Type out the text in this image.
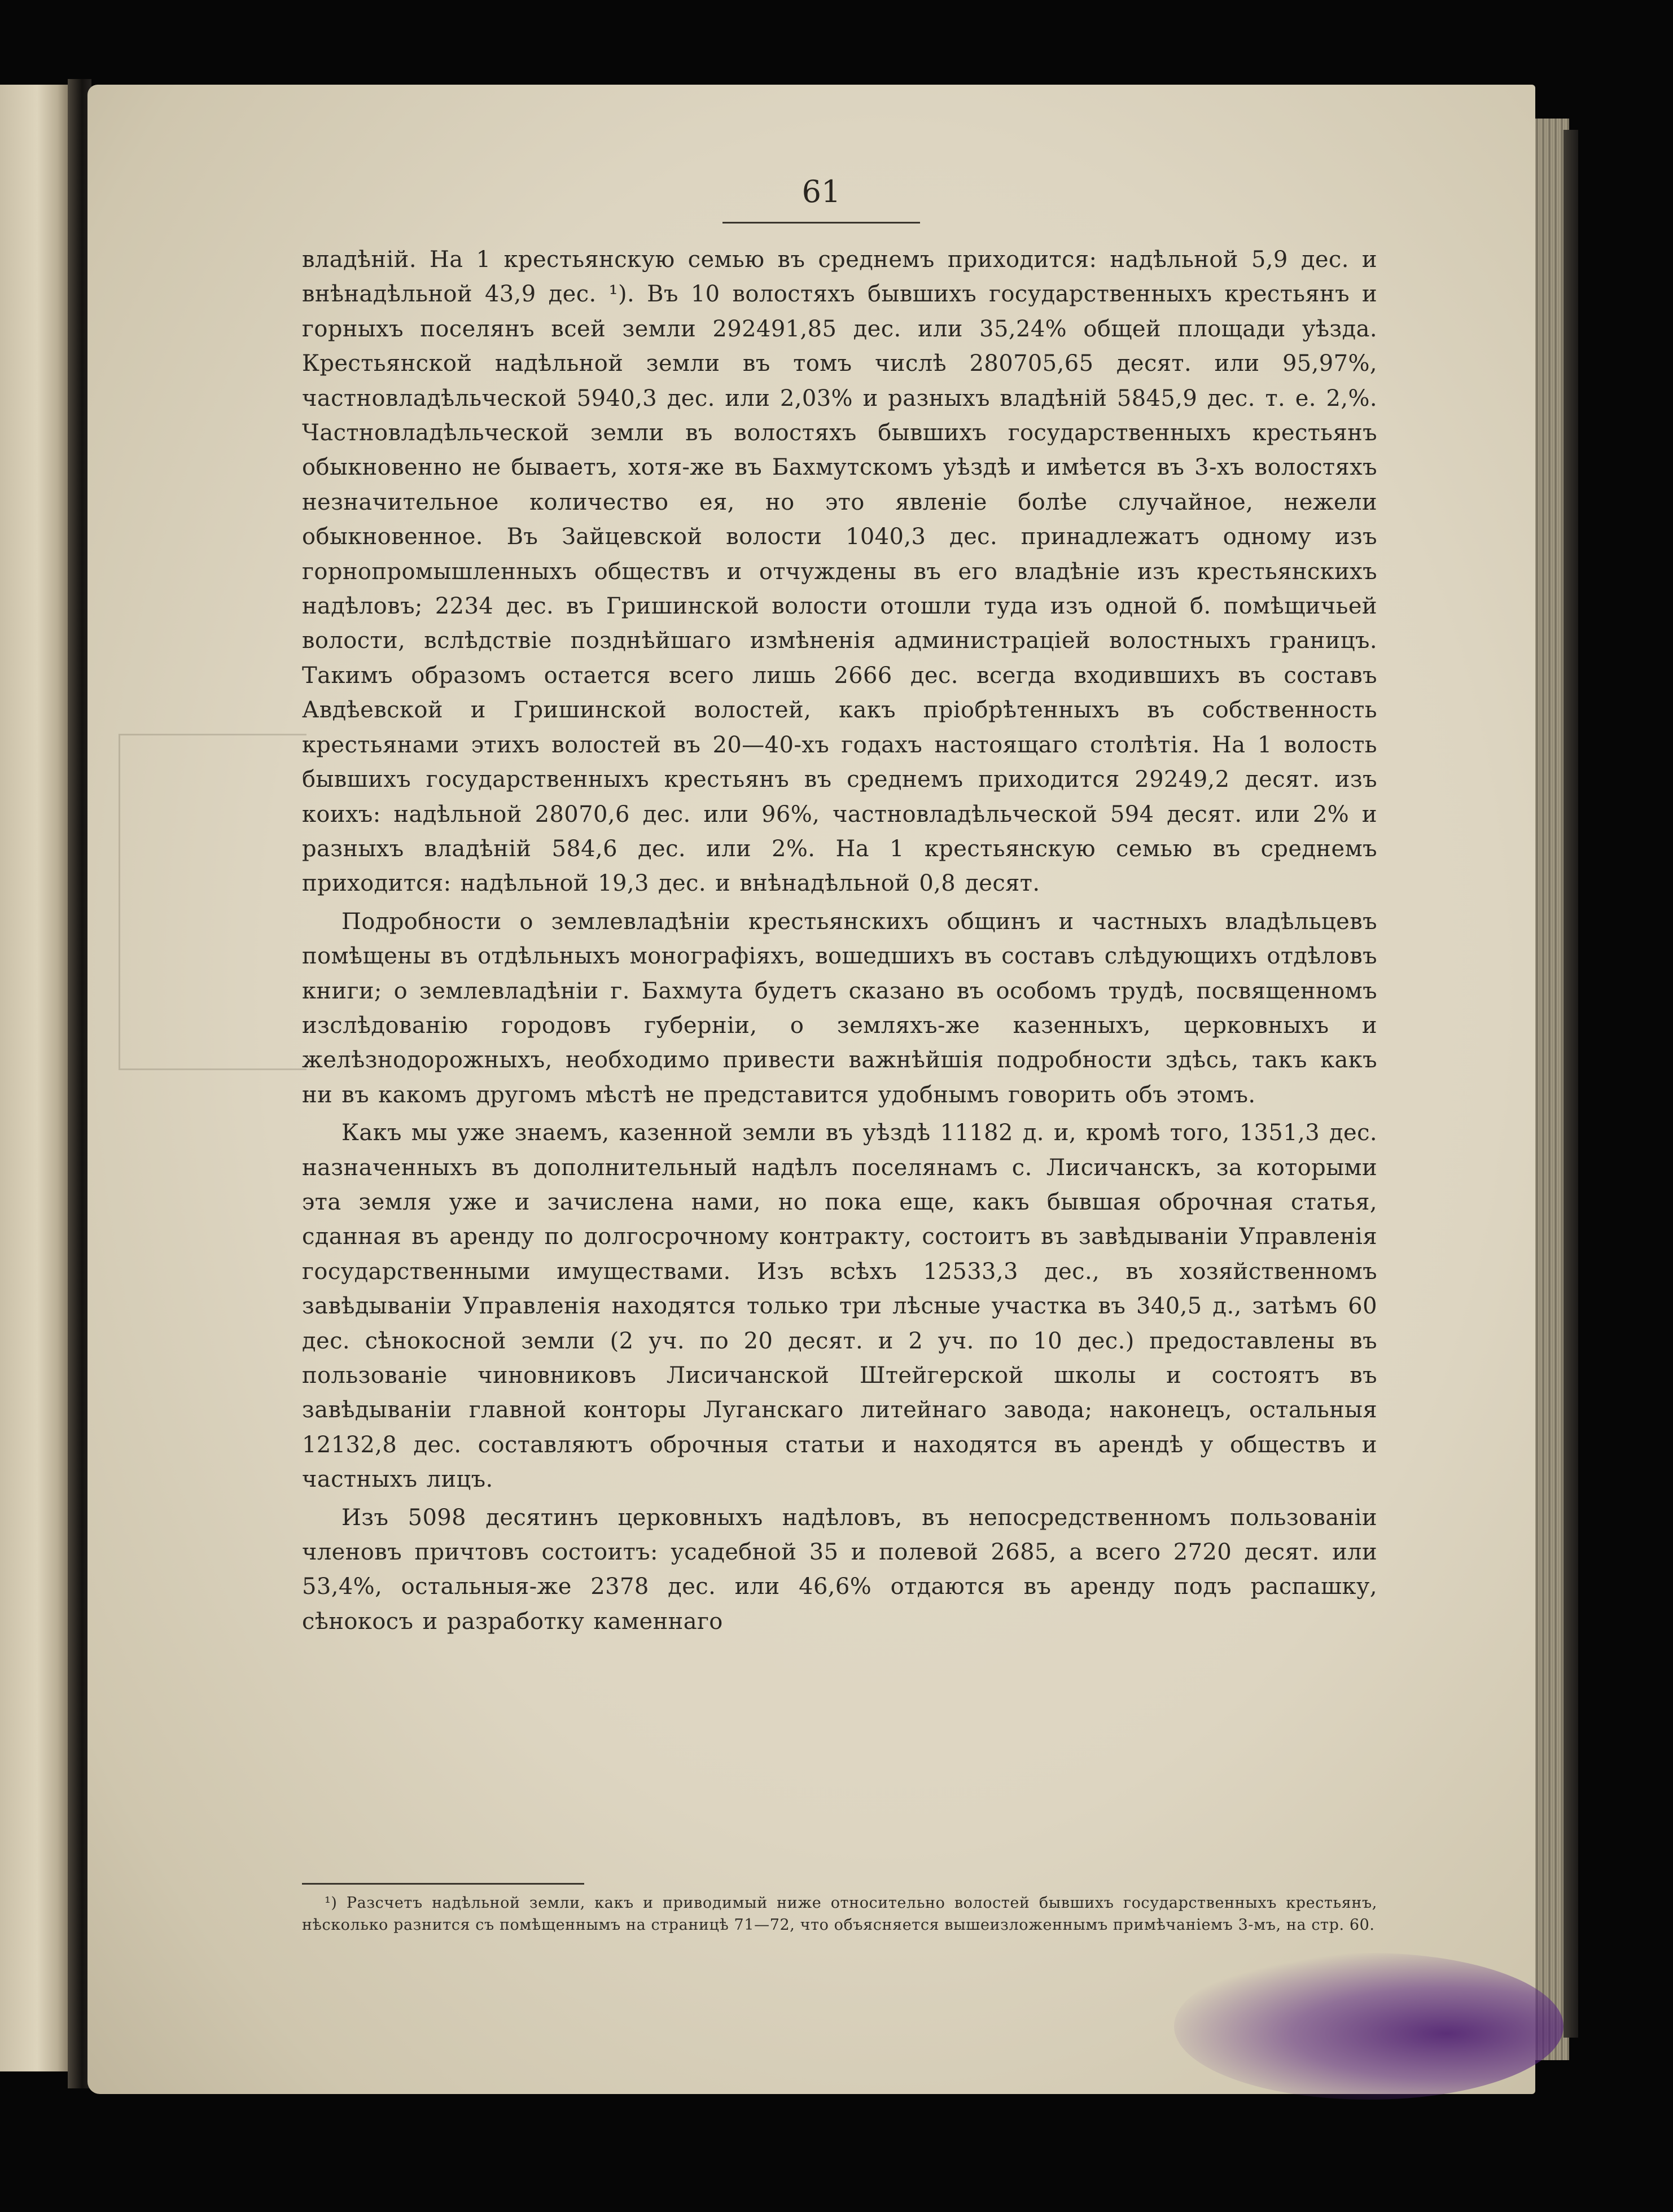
61

владѣній. На 1 крестьянскую семью въ среднемъ приходится: надѣльной 5,9 дес. и внѣнадѣльной 43,9 дес. ¹). Въ 10 волостяхъ бывшихъ государственныхъ крестьянъ и горныхъ поселянъ всей земли 292491,85 дес. или 35,24% общей площади уѣзда. Крестьянской надѣльной земли въ томъ числѣ 280705,65 десят. или 95,97%, частновладѣльческой 5940,3 дес. или 2,03% и разныхъ владѣній 5845,9 дес. т. е. 2,%. Частновладѣльческой земли въ волостяхъ бывшихъ государственныхъ крестьянъ обыкновенно не бываетъ, хотя-же въ Бахмутскомъ уѣздѣ и имѣется въ 3-хъ волостяхъ незначительное количество ея, но это явленіе болѣе случайное, нежели обыкновенное. Въ Зайцевской волости 1040,3 дес. принадлежатъ одному изъ горнопромышленныхъ обществъ и отчуждены въ его владѣніе изъ крестьянскихъ надѣловъ; 2234 дес. въ Гришинской волости отошли туда изъ одной б. помѣщичьей волости, вслѣдствіе позднѣйшаго измѣненія администраціей волостныхъ границъ. Такимъ образомъ остается всего лишь 2666 дес. всегда входившихъ въ составъ Авдѣевской и Гришинской волостей, какъ пріобрѣтенныхъ въ собственность крестьянами этихъ волостей въ 20—40-хъ годахъ настоящаго столѣтія. На 1 волость бывшихъ государственныхъ крестьянъ въ среднемъ приходится 29249,2 десят. изъ коихъ: надѣльной 28070,6 дес. или 96%, частновладѣльческой 594 десят. или 2% и разныхъ владѣній 584,6 дес. или 2%. На 1 крестьянскую семью въ среднемъ приходится: надѣльной 19,3 дес. и внѣнадѣльной 0,8 десят.

Подробности о землевладѣніи крестьянскихъ общинъ и частныхъ владѣльцевъ помѣщены въ отдѣльныхъ монографіяхъ, вошедшихъ въ составъ слѣдующихъ отдѣловъ книги; о землевладѣніи г. Бахмута будетъ сказано въ особомъ трудѣ, посвященномъ изслѣдованію городовъ губерніи, о земляхъ-же казенныхъ, церковныхъ и желѣзнодорожныхъ, необходимо привести важнѣйшія подробности здѣсь, такъ какъ ни въ какомъ другомъ мѣстѣ не представится удобнымъ говорить объ этомъ.

Какъ мы уже знаемъ, казенной земли въ уѣздѣ 11182 д. и, кромѣ того, 1351,3 дес. назначенныхъ въ дополнительный надѣлъ поселянамъ с. Лисичанскъ, за которыми эта земля уже и зачислена нами, но пока еще, какъ бывшая оброчная статья, сданная въ аренду по долгосрочному контракту, состоитъ въ завѣдываніи Управленія государственными имуществами. Изъ всѣхъ 12533,3 дес., въ хозяйственномъ завѣдываніи Управленія находятся только три лѣсные участка въ 340,5 д., затѣмъ 60 дес. сѣнокосной земли (2 уч. по 20 десят. и 2 уч. по 10 дес.) предоставлены въ пользованіе чиновниковъ Лисичанской Штейгерской школы и состоятъ въ завѣдываніи главной конторы Луганскаго литейнаго завода; наконецъ, остальныя 12132,8 дес. составляютъ оброчныя статьи и находятся въ арендѣ у обществъ и частныхъ лицъ.

Изъ 5098 десятинъ церковныхъ надѣловъ, въ непосредственномъ пользованіи членовъ причтовъ состоитъ: усадебной 35 и полевой 2685, а всего 2720 десят. или 53,4%, остальныя-же 2378 дес. или 46,6% отдаются въ аренду подъ распашку, сѣнокосъ и разработку каменнаго

¹) Разсчетъ надѣльной земли, какъ и приводимый ниже относительно волостей бывшихъ государственныхъ крестьянъ, нѣсколько разнится съ помѣщеннымъ на страницѣ 71—72, что объясняется вышеизложеннымъ примѣчаніемъ 3-мъ, на стр. 60.
